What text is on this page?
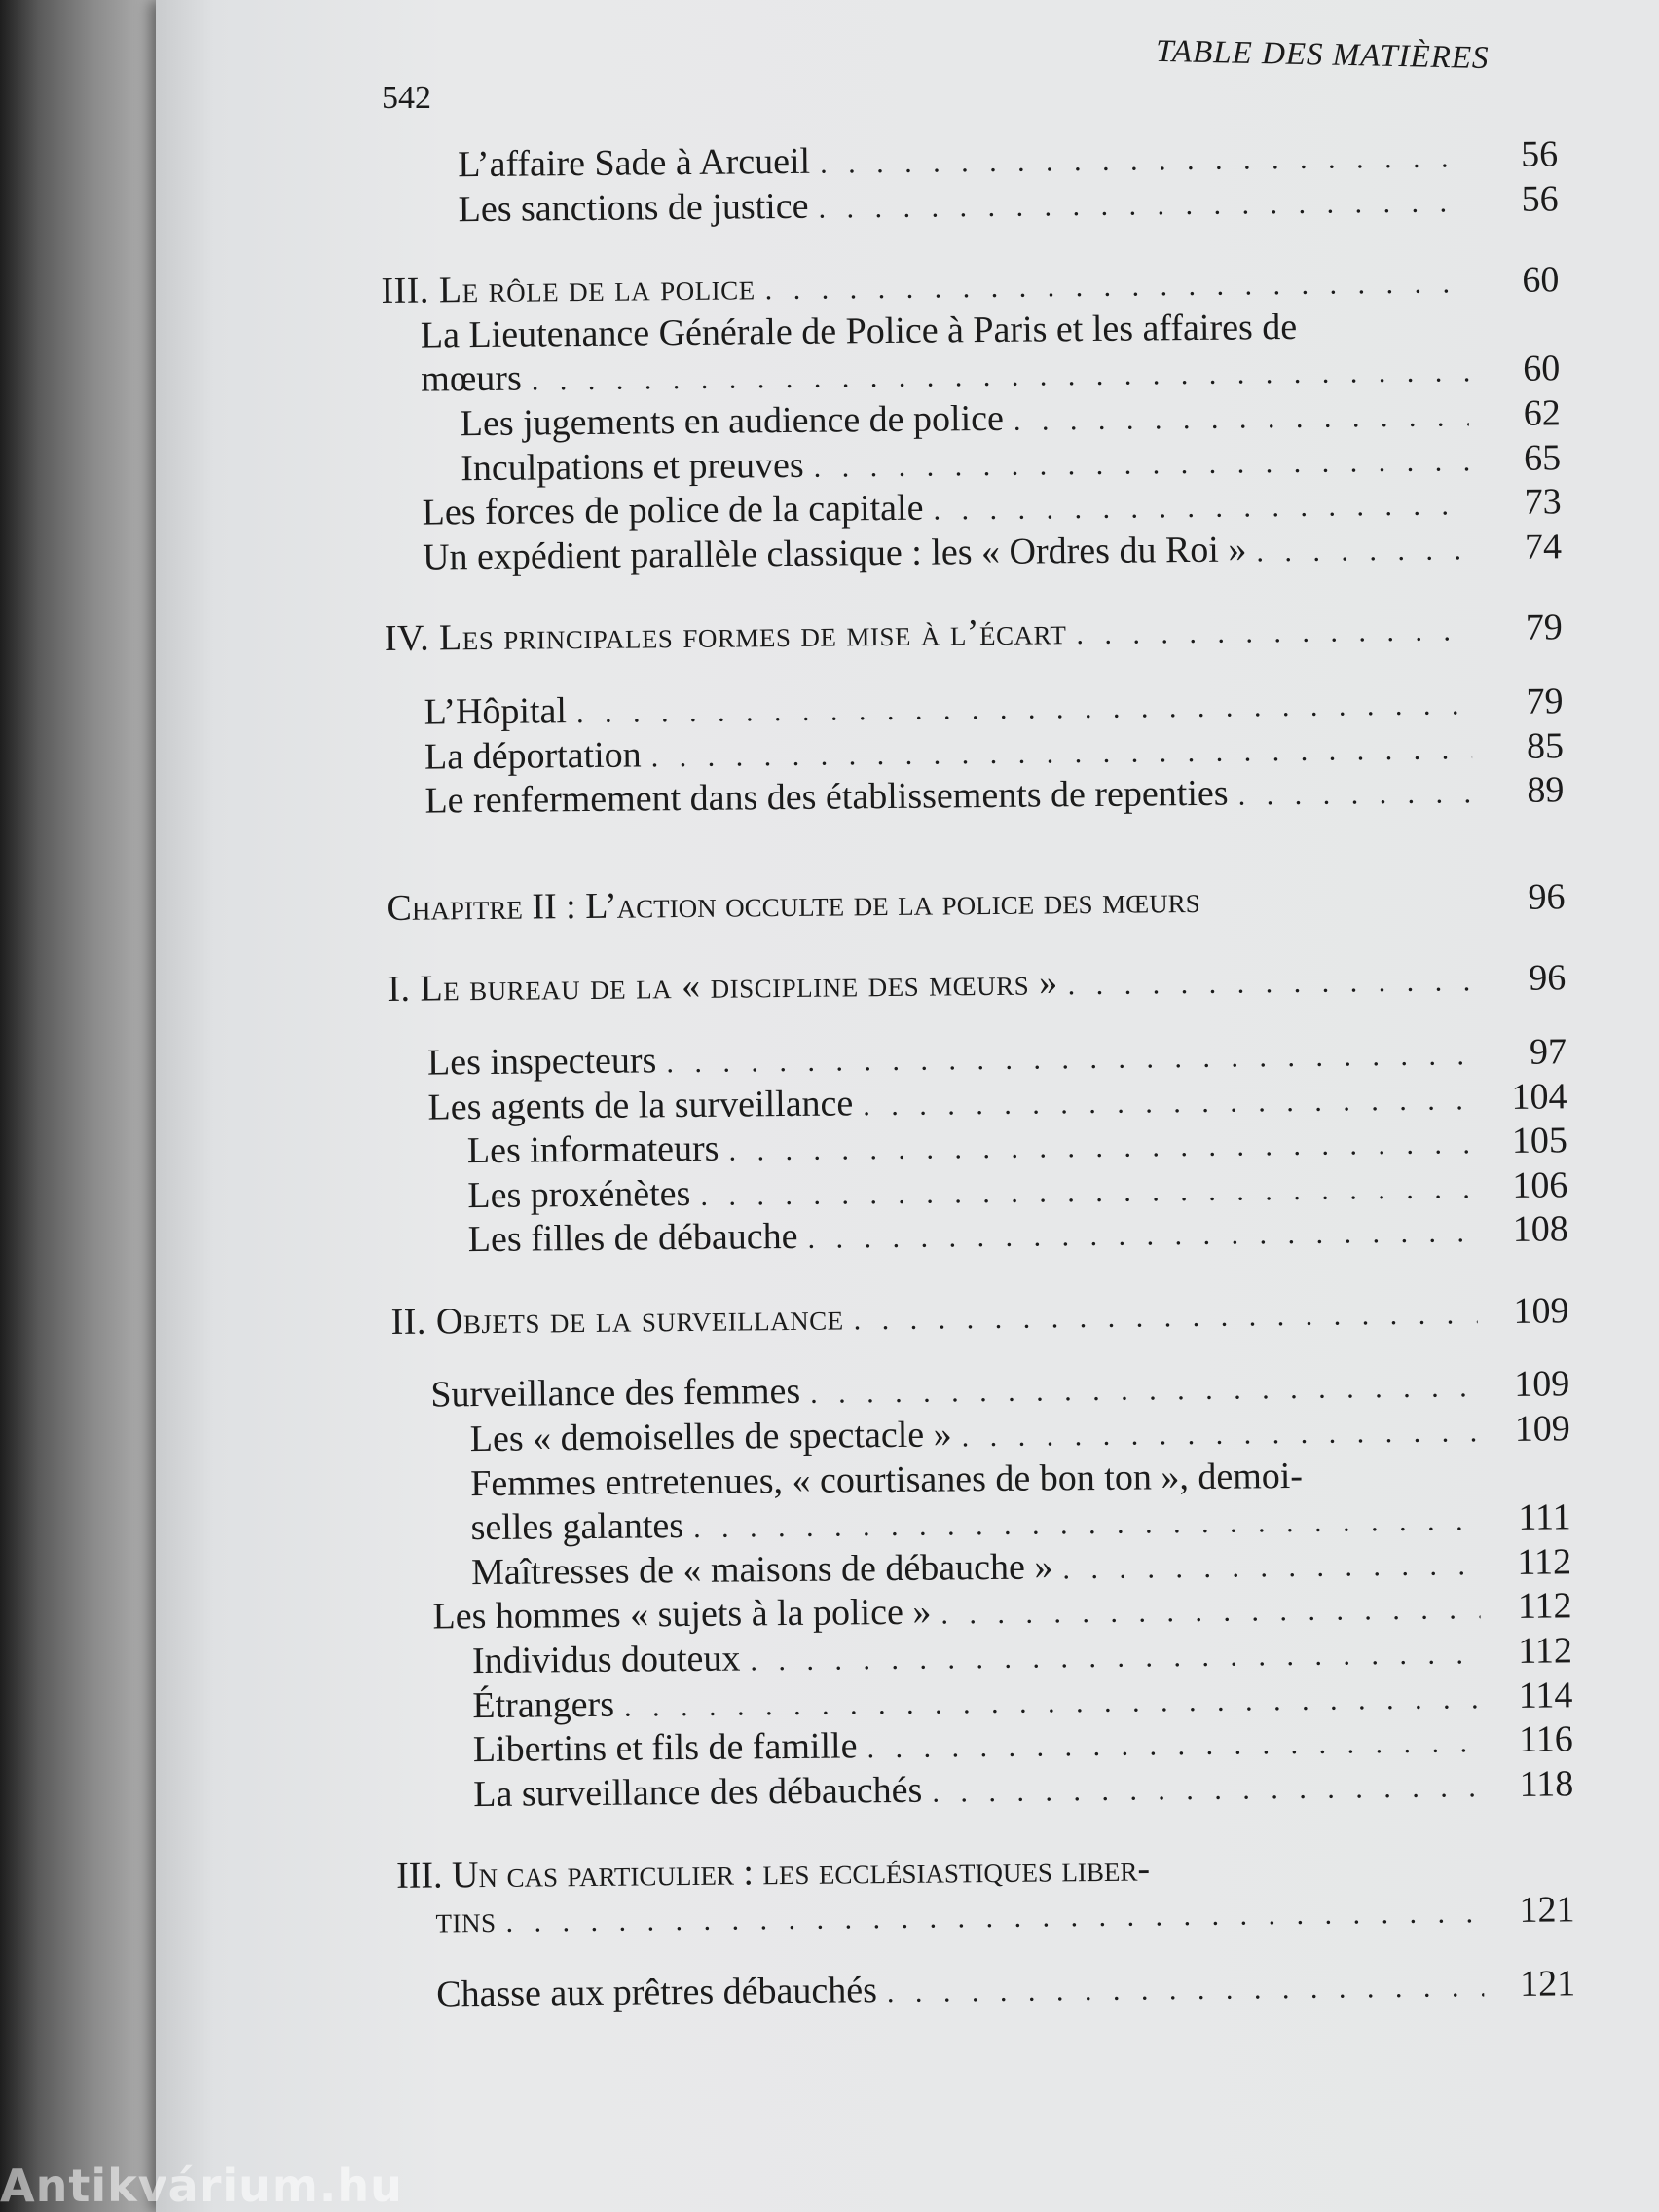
TABLE DES MATIÈRES
542
L’affaire Sade à Arcueil . . .	56
Les sanctions de justice . . .	56
III. Le rôle de la police . . .	60
La Lieutenance Générale de Police à Paris et les affaires de
mœurs . . .	60
Les jugements en audience de police . . .	62
Inculpations et preuves . . .	65
Les forces de police de la capitale . . .	73
Un expédient parallèle classique : les « Ordres du Roi » . . .	74
IV. Les principales formes de mise à l’écart . . .	79
L’Hôpital . . .	79
La déportation . . .	85
Le renfermement dans des établissements de repenties . . .	89
Chapitre II : L’action occulte de la police des mœurs	96
I. Le bureau de la « discipline des mœurs » . . .	96
Les inspecteurs . . .	97
Les agents de la surveillance . . .	104
Les informateurs . . .	105
Les proxénètes . . .	106
Les filles de débauche . . .	108
II. Objets de la surveillance . . .	109
Surveillance des femmes . . .	109
Les « demoiselles de spectacle » . . .	109
Femmes entretenues, « courtisanes de bon ton », demoi-
selles galantes . . .	111
Maîtresses de « maisons de débauche » . . .	112
Les hommes « sujets à la police » . . .	112
Individus douteux . . .	112
Étrangers . . .	114
Libertins et fils de famille . . .	116
La surveillance des débauchés . . .	118
III. Un cas particulier : les ecclésiastiques liber-
tins . . .	121
Chasse aux prêtres débauchés . . .	121
Antikvárium.hu
